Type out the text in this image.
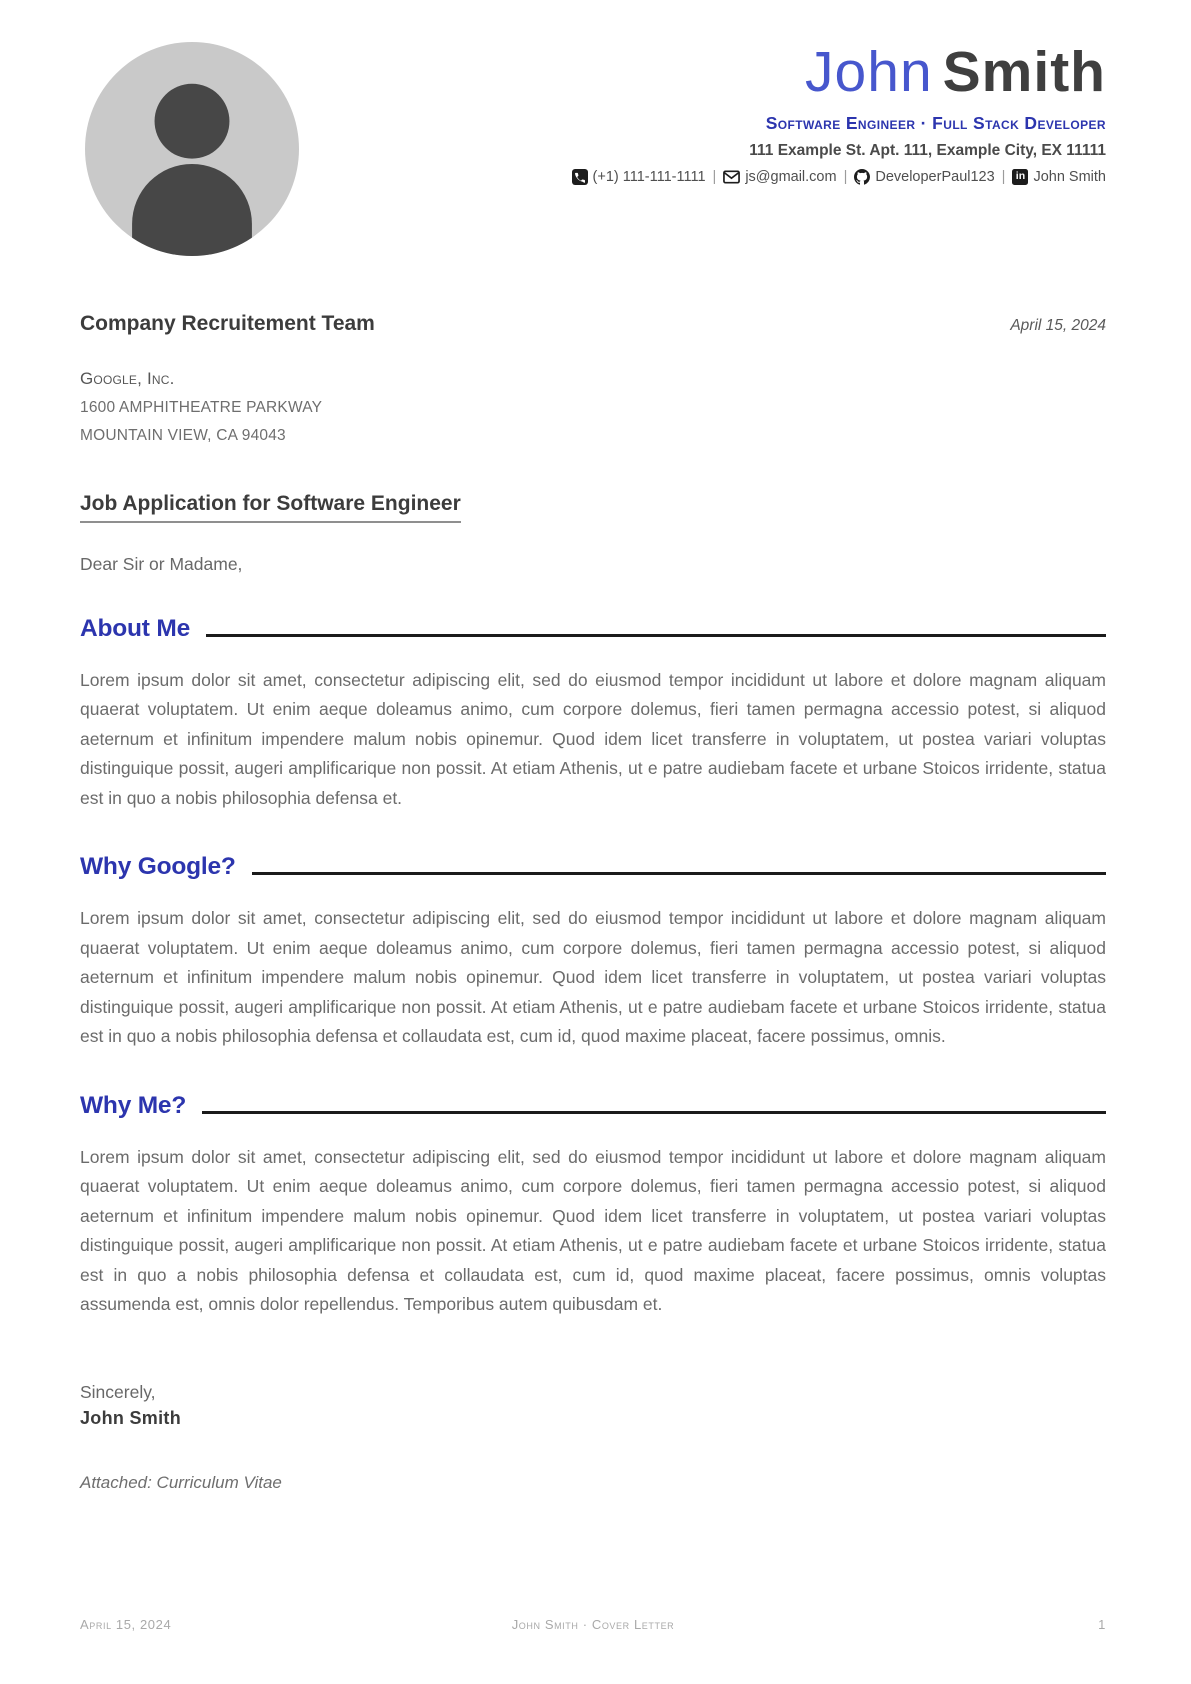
John Smith
Software Engineer · Full Stack Developer
111 Example St. Apt. 111, Example City, EX 11111
(+1) 111-111-1111 | js@gmail.com | DeveloperPaul123 | in John Smith
Company Recruitement Team	April 15, 2024
Google, Inc.
1600 AMPHITHEATRE PARKWAY
MOUNTAIN VIEW, CA 94043
Job Application for Software Engineer
Dear Sir or Madame,
About Me

Lorem ipsum dolor sit amet, consectetur adipiscing elit, sed do eiusmod tempor incididunt ut labore et dolore magnam aliquam quaerat voluptatem. Ut enim aeque doleamus animo, cum corpore dolemus, fieri tamen permagna accessio potest, si aliquod aeternum et infinitum impendere malum nobis opinemur. Quod idem licet transferre in voluptatem, ut postea variari voluptas distinguique possit, augeri amplificarique non possit. At etiam Athenis, ut e patre audiebam facete et urbane Stoicos irridente, statua est in quo a nobis philosophia defensa et.

Why Google?

Lorem ipsum dolor sit amet, consectetur adipiscing elit, sed do eiusmod tempor incididunt ut labore et dolore magnam aliquam quaerat voluptatem. Ut enim aeque doleamus animo, cum corpore dolemus, fieri tamen permagna accessio potest, si aliquod aeternum et infinitum impendere malum nobis opinemur. Quod idem licet transferre in voluptatem, ut postea variari voluptas distinguique possit, augeri amplificarique non possit. At etiam Athenis, ut e patre audiebam facete et urbane Stoicos irridente, statua est in quo a nobis philosophia defensa et collaudata est, cum id, quod maxime placeat, facere possimus, omnis.

Why Me?

Lorem ipsum dolor sit amet, consectetur adipiscing elit, sed do eiusmod tempor incididunt ut labore et dolore magnam aliquam quaerat voluptatem. Ut enim aeque doleamus animo, cum corpore dolemus, fieri tamen permagna accessio potest, si aliquod aeternum et infinitum impendere malum nobis opinemur. Quod idem licet transferre in voluptatem, ut postea variari voluptas distinguique possit, augeri amplificarique non possit. At etiam Athenis, ut e patre audiebam facete et urbane Stoicos irridente, statua est in quo a nobis philosophia defensa et collaudata est, cum id, quod maxime placeat, facere possimus, omnis voluptas assumenda est, omnis dolor repellendus. Temporibus autem quibusdam et.

Sincerely,
John Smith
Attached: Curriculum Vitae
April 15, 2024	John Smith · Cover Letter	1
